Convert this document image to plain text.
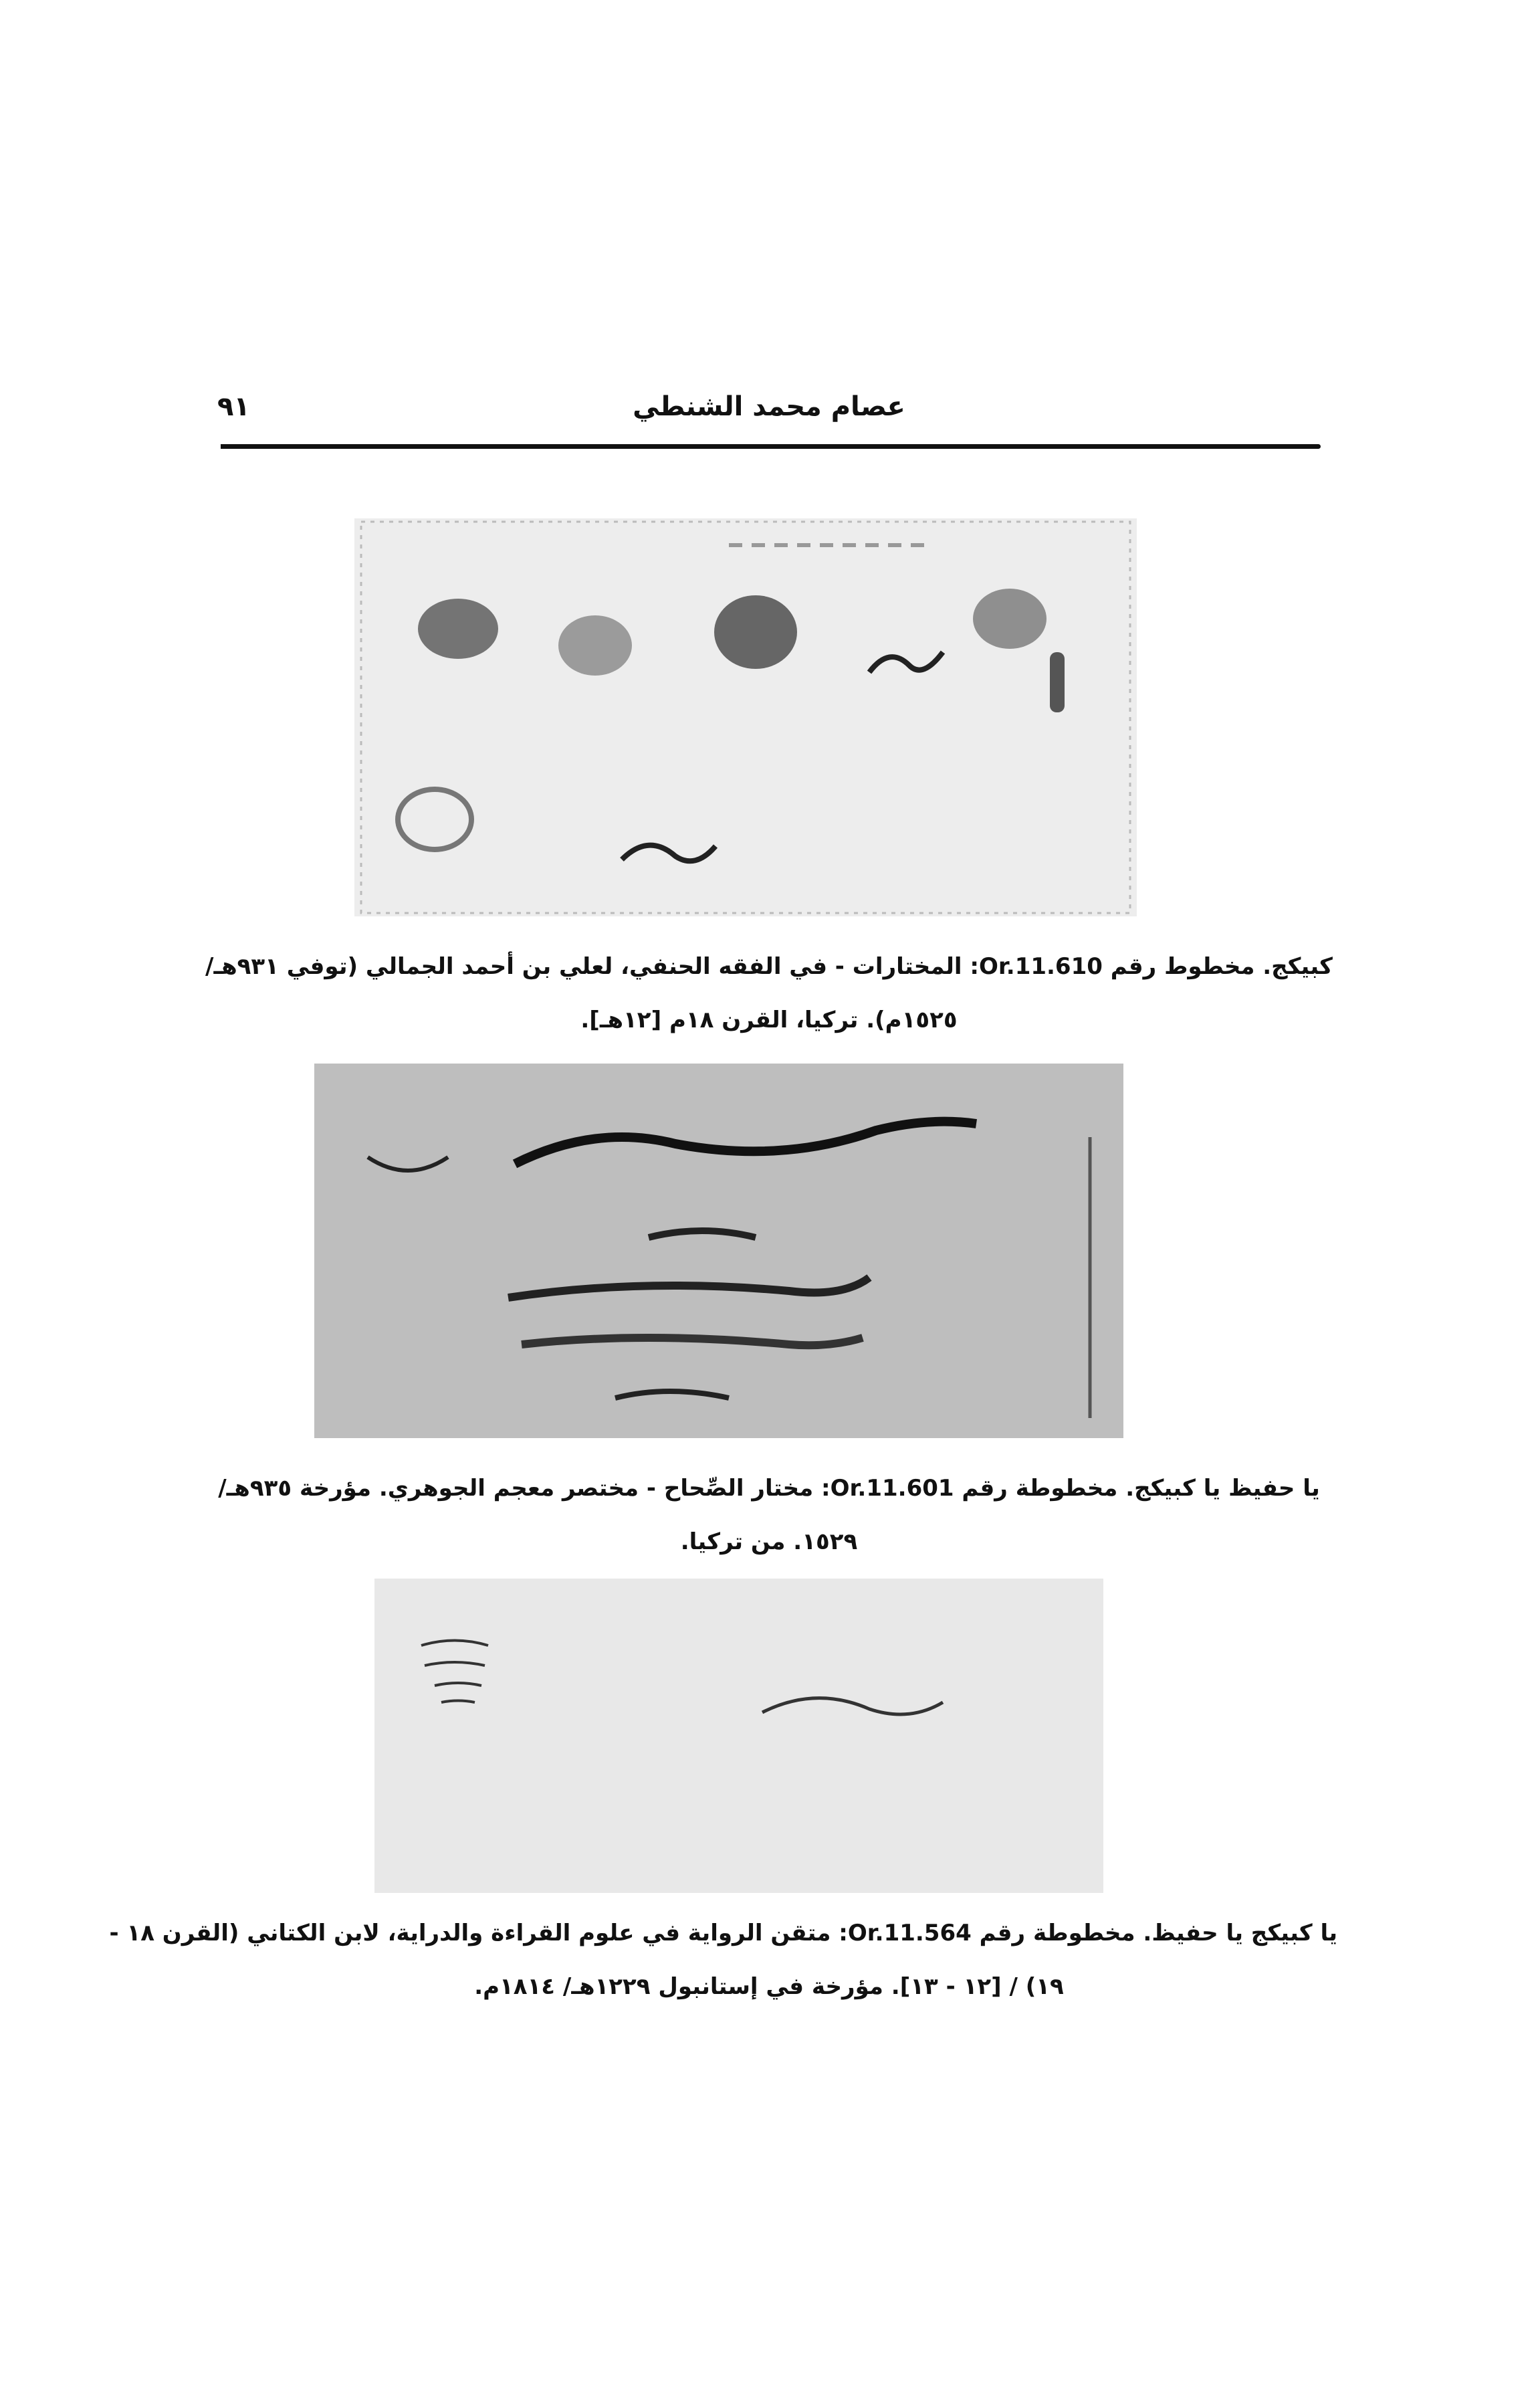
عصام محمد الشنطي
٩١
كبيكج. مخطوط رقم Or.11.610: المختارات - في الفقه الحنفي، لعلي بن أحمد الجمالي (توفي ٩٣١هـ/
١٥٢٥م). تركيا، القرن ١٨م [١٢هـ].
يا حفيظ يا كبيكج. مخطوطة رقم Or.11.601: مختار الصِّحاح - مختصر معجم الجوهري. مؤرخة ٩٣٥هـ/
١٥٢٩. من تركيا.
يا كبيكج يا حفيظ. مخطوطة رقم Or.11.564: متقن الرواية في علوم القراءة والدراية، لابن الكتاني (القرن ١٨ -
١٩) / [١٢ - ١٣]. مؤرخة في إستانبول ١٢٢٩هـ/ ١٨١٤م.
